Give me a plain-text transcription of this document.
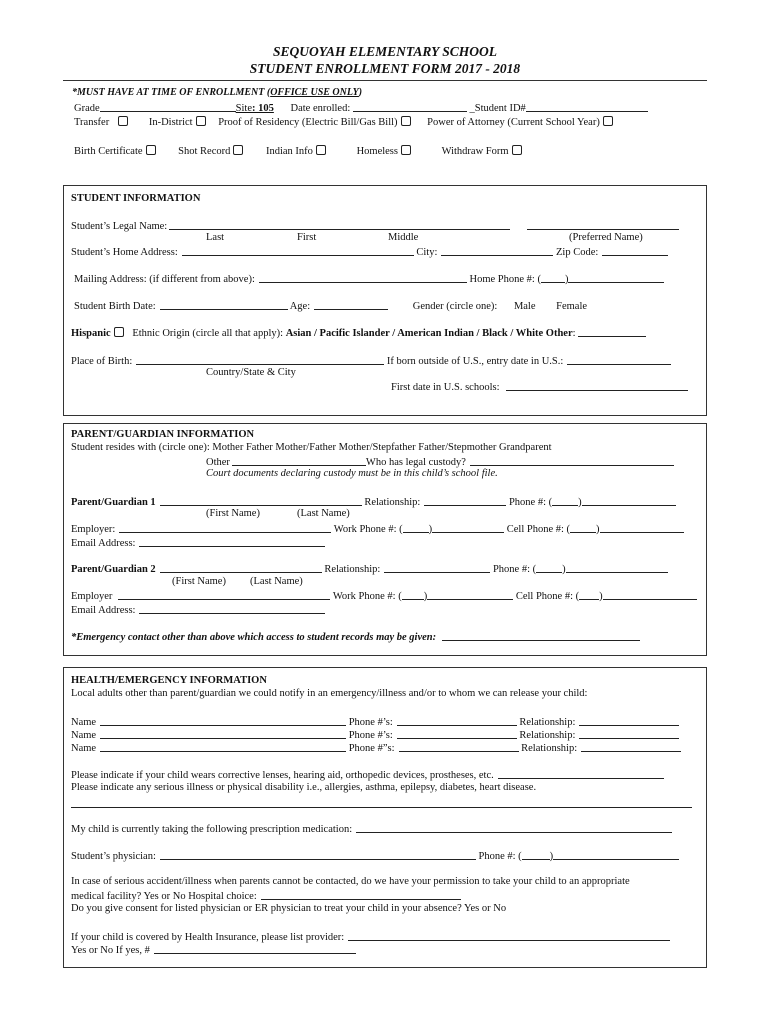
SEQUOYAH ELEMENTARY SCHOOL
STUDENT ENROLLMENT FORM 2017 - 2018
*MUST HAVE AT TIME OF ENROLLMENT (OFFICE USE ONLY)
Grade	Site: 105 Date enrolled:	_Student ID#
Transfer	In-District Proof of Residency (Electric Bill/Gas Bill)	Power of Attorney (Current School Year)
Birth Certificate	Shot Record	Indian Info	Homeless	Withdraw Form
STUDENT INFORMATION
Student’s Legal Name:
Last	First	Middle	(Preferred Name)
Student’s Home Address:	City:	Zip Code:
Mailing Address: (if different from above):	Home Phone #: ( )
Student Birth Date:	Age:	Gender (circle one): Male Female
Hispanic Ethnic Origin (circle all that apply): Asian / Pacific Islander / American Indian / Black / White Other:
Place of Birth:	If born outside of U.S., entry date in U.S.:
Country/State & City
First date in U.S. schools:
PARENT/GUARDIAN INFORMATION
Student resides with (circle one): Mother Father Mother/Father Mother/Stepfather Father/Stepmother Grandparent
Other	Who has legal custody?
Court documents declaring custody must be in this child’s school file.
Parent/Guardian 1	Relationship:	Phone #: ( )
(First Name)	(Last Name)
Employer:	Work Phone #: ( )	Cell Phone #: ( )
Email Address:
Parent/Guardian 2	Relationship:	Phone #: ( )
(First Name) (Last Name)
Employer	Work Phone #: ( )	Cell Phone #: ( )
Email Address:
*Emergency contact other than above which access to student records may be given:
HEALTH/EMERGENCY INFORMATION
Local adults other than parent/guardian we could notify in an emergency/illness and/or to whom we can release your child:
Name	Phone #’s:	Relationship:
Name	Phone #’s:	Relationship:
Name	Phone #”s:	Relationship:
Please indicate if your child wears corrective lenses, hearing aid, orthopedic devices, prostheses, etc.
Please indicate any serious illness or physical disability i.e., allergies, asthma, epilepsy, diabetes, heart disease.
My child is currently taking the following prescription medication:
Student’s physician:	Phone #: (	)
In case of serious accident/illness when parents cannot be contacted, do we have your permission to take your child to an appropriate
medical facility? Yes or No Hospital choice:
Do you give consent for listed physician or ER physician to treat your child in your absence? Yes or No
If your child is covered by Health Insurance, please list provider:
Yes or No If yes, #
